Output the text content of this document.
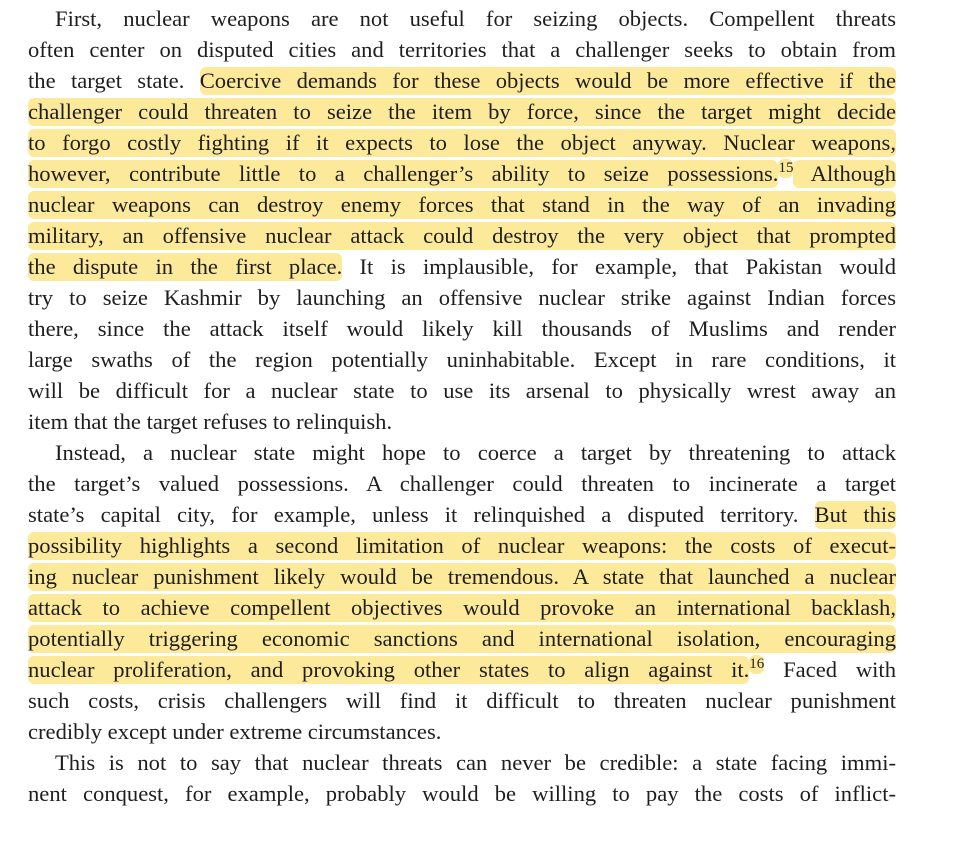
First, nuclear weapons are not useful for seizing objects. Compellent threats
often center on disputed cities and territories that a challenger seeks to obtain from
the target state. Coercive demands for these objects would be more effective if the
challenger could threaten to seize the item by force, since the target might decide
to forgo costly fighting if it expects to lose the object anyway. Nuclear weapons,
however, contribute little to a challenger’s ability to seize possessions.$^{15}$ Although
nuclear weapons can destroy enemy forces that stand in the way of an invading
military, an offensive nuclear attack could destroy the very object that prompted
the dispute in the first place. It is implausible, for example, that Pakistan would
try to seize Kashmir by launching an offensive nuclear strike against Indian forces
there, since the attack itself would likely kill thousands of Muslims and render
large swaths of the region potentially uninhabitable. Except in rare conditions, it
will be difficult for a nuclear state to use its arsenal to physically wrest away an
item that the target refuses to relinquish.
Instead, a nuclear state might hope to coerce a target by threatening to attack
the target’s valued possessions. A challenger could threaten to incinerate a target
state’s capital city, for example, unless it relinquished a disputed territory. But this
possibility highlights a second limitation of nuclear weapons: the costs of execut-
ing nuclear punishment likely would be tremendous. A state that launched a nuclear
attack to achieve compellent objectives would provoke an international backlash,
potentially triggering economic sanctions and international isolation, encouraging
nuclear proliferation, and provoking other states to align against it.$^{16}$ Faced with
such costs, crisis challengers will find it difficult to threaten nuclear punishment
credibly except under extreme circumstances.
This is not to say that nuclear threats can never be credible: a state facing immi-
nent conquest, for example, probably would be willing to pay the costs of inflict-
